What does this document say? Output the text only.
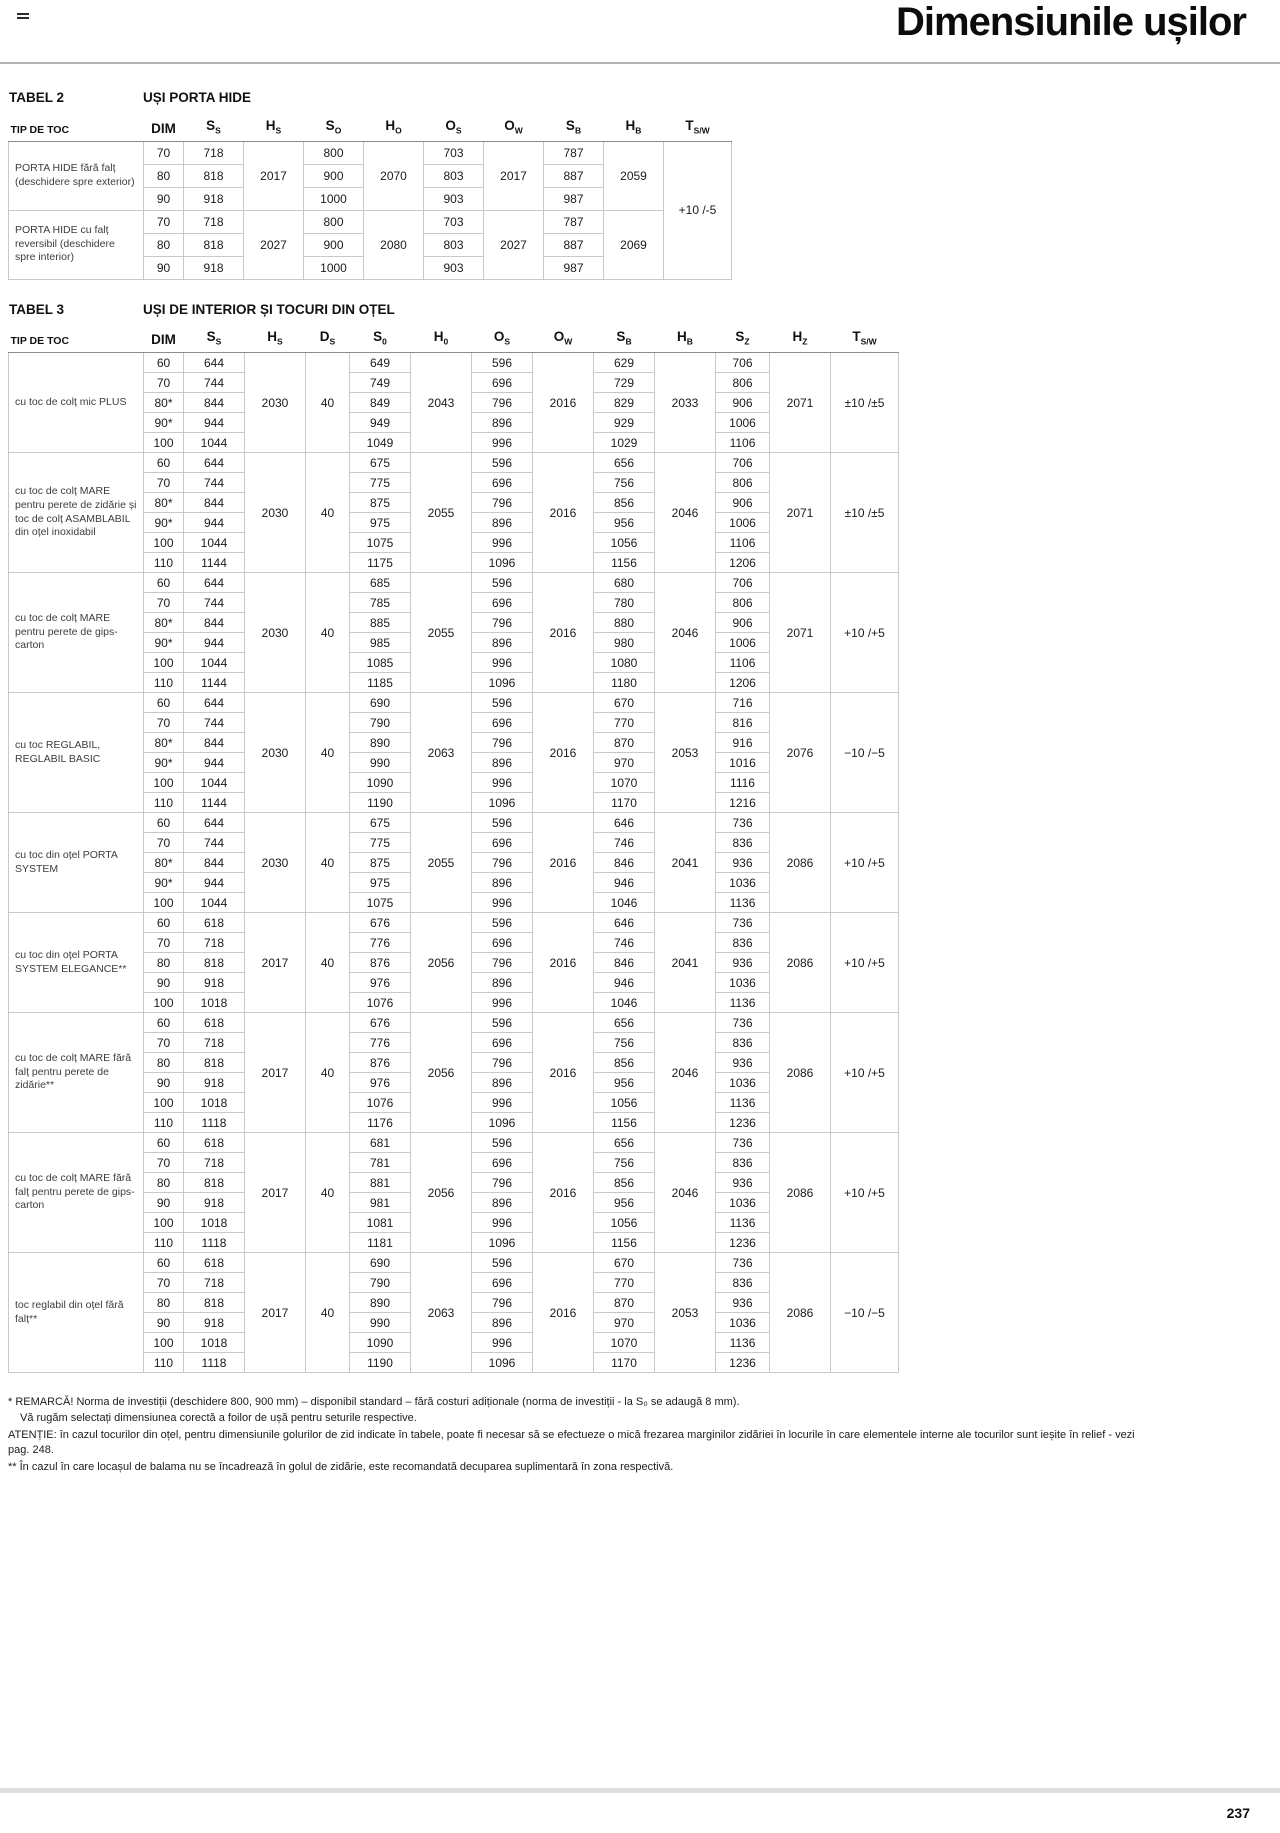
Dimensiunile ușilor
TABEL 2	UȘI PORTA HIDE
TIP DE TOC	DIM	$S_S$	$H_S$	$S_O$	$H_O$	$O_S$	$O_W$	$S_B$	$H_B$	$T_{S/W}$
PORTA HIDE fără falț (deschidere spre exterior)	70	718	2017	800	2070	703	2017	787	2059	+10 /-5
	80	818		900		803		887		
	90	918		1000		903		987		
PORTA HIDE cu falț reversibil (deschidere spre interior)	70	718	2027	800	2080	703	2027	787	2069	
	80	818		900		803		887		
	90	918		1000		903		987		
TABEL 3	UȘI DE INTERIOR ȘI TOCURI DIN OȚEL
TIP DE TOC	DIM	$S_S$	$H_S$	$D_S$	$S_0$	$H_0$	$O_S$	$O_W$	$S_B$	$H_B$	$S_Z$	$H_Z$	$T_{S/W}$
cu toc de colț mic PLUS	60	644	2030	40	649	2043	596	2016	629	2033	706	2071	±10 /±5
	70	744			749		696		729		806		
	80*	844			849		796		829		906		
	90*	944			949		896		929		1006		
	100	1044			1049		996		1029		1106		
cu toc de colț MARE pentru perete de zidărie și toc de colț ASAMBLABIL din oțel inoxidabil	60	644	2030	40	675	2055	596	2016	656	2046	706	2071	±10 /±5
	70	744			775		696		756		806		
	80*	844			875		796		856		906		
	90*	944			975		896		956		1006		
	100	1044			1075		996		1056		1106		
	110	1144			1175		1096		1156		1206		
cu toc de colț MARE pentru perete de gips-carton	60	644	2030	40	685	2055	596	2016	680	2046	706	2071	+10 /+5
	70	744			785		696		780		806		
	80*	844			885		796		880		906		
	90*	944			985		896		980		1006		
	100	1044			1085		996		1080		1106		
	110	1144			1185		1096		1180		1206		
cu toc REGLABIL, REGLABIL BASIC	60	644	2030	40	690	2063	596	2016	670	2053	716	2076	−10 /−5
	70	744			790		696		770		816		
	80*	844			890		796		870		916		
	90*	944			990		896		970		1016		
	100	1044			1090		996		1070		1116		
	110	1144			1190		1096		1170		1216		
cu toc din oțel PORTA SYSTEM	60	644	2030	40	675	2055	596	2016	646	2041	736	2086	+10 /+5
	70	744			775		696		746		836		
	80*	844			875		796		846		936		
	90*	944			975		896		946		1036		
	100	1044			1075		996		1046		1136		
cu toc din oțel PORTA SYSTEM ELEGANCE**	60	618	2017	40	676	2056	596	2016	646	2041	736	2086	+10 /+5
	70	718			776		696		746		836		
	80	818			876		796		846		936		
	90	918			976		896		946		1036		
	100	1018			1076		996		1046		1136		
cu toc de colț MARE fără falț pentru perete de zidărie**	60	618	2017	40	676	2056	596	2016	656	2046	736	2086	+10 /+5
	70	718			776		696		756		836		
	80	818			876		796		856		936		
	90	918			976		896		956		1036		
	100	1018			1076		996		1056		1136		
	110	1118			1176		1096		1156		1236		
cu toc de colț MARE fără falț pentru perete de gips-carton	60	618	2017	40	681	2056	596	2016	656	2046	736	2086	+10 /+5
	70	718			781		696		756		836		
	80	818			881		796		856		936		
	90	918			981		896		956		1036		
	100	1018			1081		996		1056		1136		
	110	1118			1181		1096		1156		1236		
toc reglabil din oțel fără falț**	60	618	2017	40	690	2063	596	2016	670	2053	736	2086	−10 /−5
	70	718			790		696		770		836		
	80	818			890		796		870		936		
	90	918			990		896		970		1036		
	100	1018			1090		996		1070		1136		
	110	1118			1190		1096		1170		1236		

* REMARCĂ! Norma de investiții (deschidere 800, 900 mm) – disponibil standard – fără costuri adiționale (norma de investiții - la S₀ se adaugă 8 mm).

Vă rugăm selectați dimensiunea corectă a foilor de ușă pentru seturile respective.

ATENȚIE: în cazul tocurilor din oțel, pentru dimensiunile golurilor de zid indicate în tabele, poate fi necesar să se efectueze o mică frezarea marginilor zidăriei în locurile în care elementele interne ale tocurilor sunt ieșite în relief - vezi pag. 248.

** În cazul în care locașul de balama nu se încadrează în golul de zidărie, este recomandată decuparea suplimentară în zona respectivă.

237
